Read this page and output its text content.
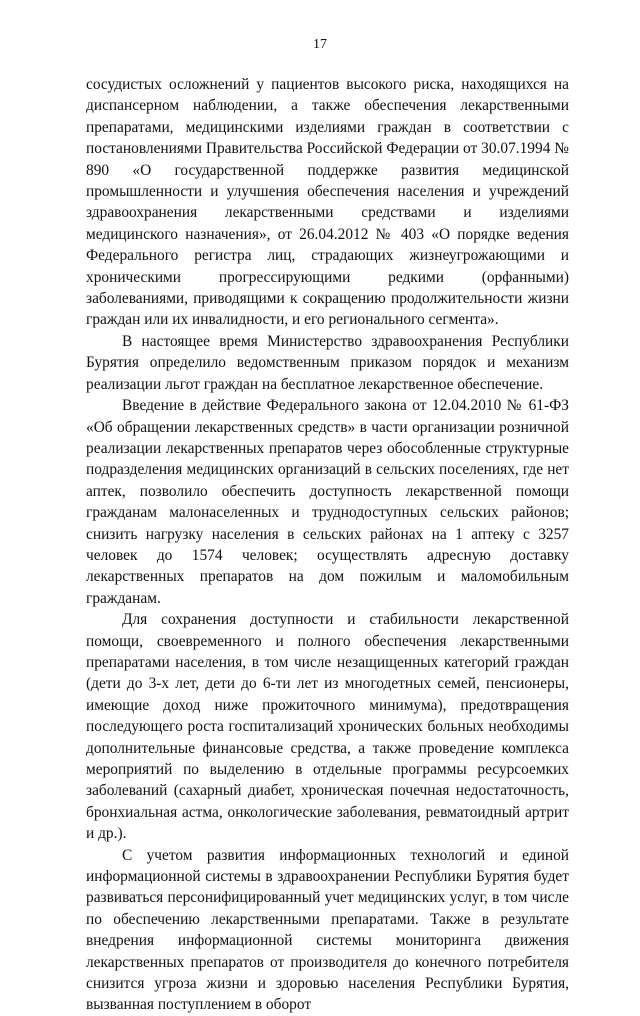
17

сосудистых осложнений у пациентов высокого риска, находящихся на диспансерном наблюдении, а также обеспечения лекарственными препаратами, медицинскими изделиями граждан в соответствии с постановлениями Правительства Российской Федерации от 30.07.1994 № 890 «О государственной поддержке развития медицинской промышленности и улучшения обеспечения населения и учреждений здравоохранения лекарственными средствами и изделиями медицинского назначения», от 26.04.2012 № 403 «О порядке ведения Федерального регистра лиц, страдающих жизнеугрожающими и хроническими прогрессирующими редкими (орфанными) заболеваниями, приводящими к сокращению продолжительности жизни граждан или их инвалидности, и его регионального сегмента».

В настоящее время Министерство здравоохранения Республики Бурятия определило ведомственным приказом порядок и механизм реализации льгот граждан на бесплатное лекарственное обеспечение.

Введение в действие Федерального закона от 12.04.2010 № 61-ФЗ «Об обращении лекарственных средств» в части организации розничной реализации лекарственных препаратов через обособленные структурные подразделения медицинских организаций в сельских поселениях, где нет аптек, позволило обеспечить доступность лекарственной помощи гражданам малонаселенных и труднодоступных сельских районов; снизить нагрузку населения в сельских районах на 1 аптеку с 3257 человек до 1574 человек; осуществлять адресную доставку лекарственных препаратов на дом пожилым и маломобильным гражданам.

Для сохранения доступности и стабильности лекарственной помощи, своевременного и полного обеспечения лекарственными препаратами населения, в том числе незащищенных категорий граждан (дети до 3-х лет, дети до 6-ти лет из многодетных семей, пенсионеры, имеющие доход ниже прожиточного минимума), предотвращения последующего роста госпитализаций хронических больных необходимы дополнительные финансовые средства, а также проведение комплекса мероприятий по выделению в отдельные программы ресурсоемких заболеваний (сахарный диабет, хроническая почечная недостаточность, бронхиальная астма, онкологические заболевания, ревматоидный артрит и др.).

С учетом развития информационных технологий и единой информационной системы в здравоохранении Республики Бурятия будет развиваться персонифицированный учет медицинских услуг, в том числе по обеспечению лекарственными препаратами. Также в результате внедрения информационной системы мониторинга движения лекарственных препаратов от производителя до конечного потребителя снизится угроза жизни и здоровью населения Республики Бурятия, вызванная поступлением в оборот
